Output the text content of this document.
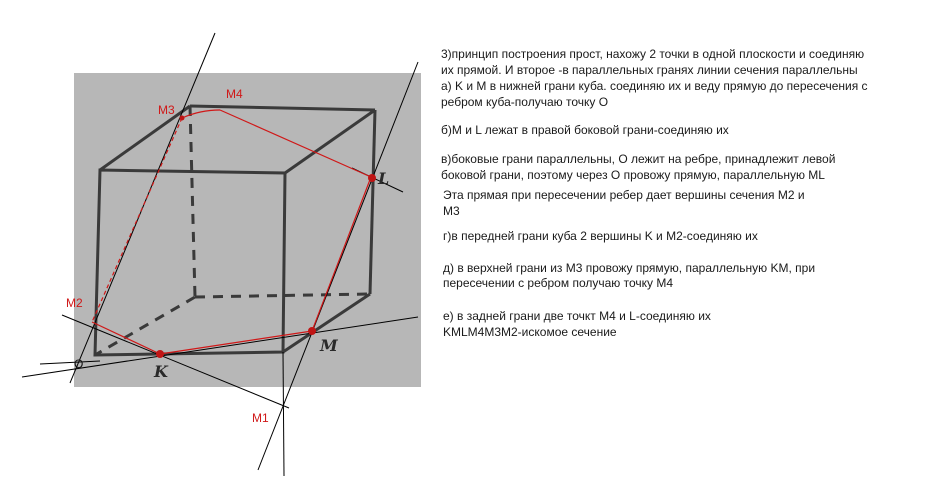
L
M
K
M3
M4
M2
O
M1
3)принцип построения прост, нахожу 2 точки в одной плоскости и соединяю
их прямой. И второе -в параллельных гранях линии сечения параллельны
а) K и M в нижней грани куба. соединяю их и веду прямую до пересечения с
ребром куба-получаю точку O
б)M и L лежат в правой боковой грани-соединяю их
в)боковые грани параллельны, O лежит на ребре, принадлежит левой
боковой грани, поэтому через O провожу прямую, параллельную ML
Эта прямая при пересечении ребер дает вершины сечения M2 и
M3
г)в передней грани куба 2 вершины K и M2-соединяю их
д) в верхней грани из M3 провожу прямую, параллельную KM, при
пересечении с ребром получаю точку M4
е) в задней грани две точкт M4 и L-соединяю их
KMLM4M3M2-искомое сечение
